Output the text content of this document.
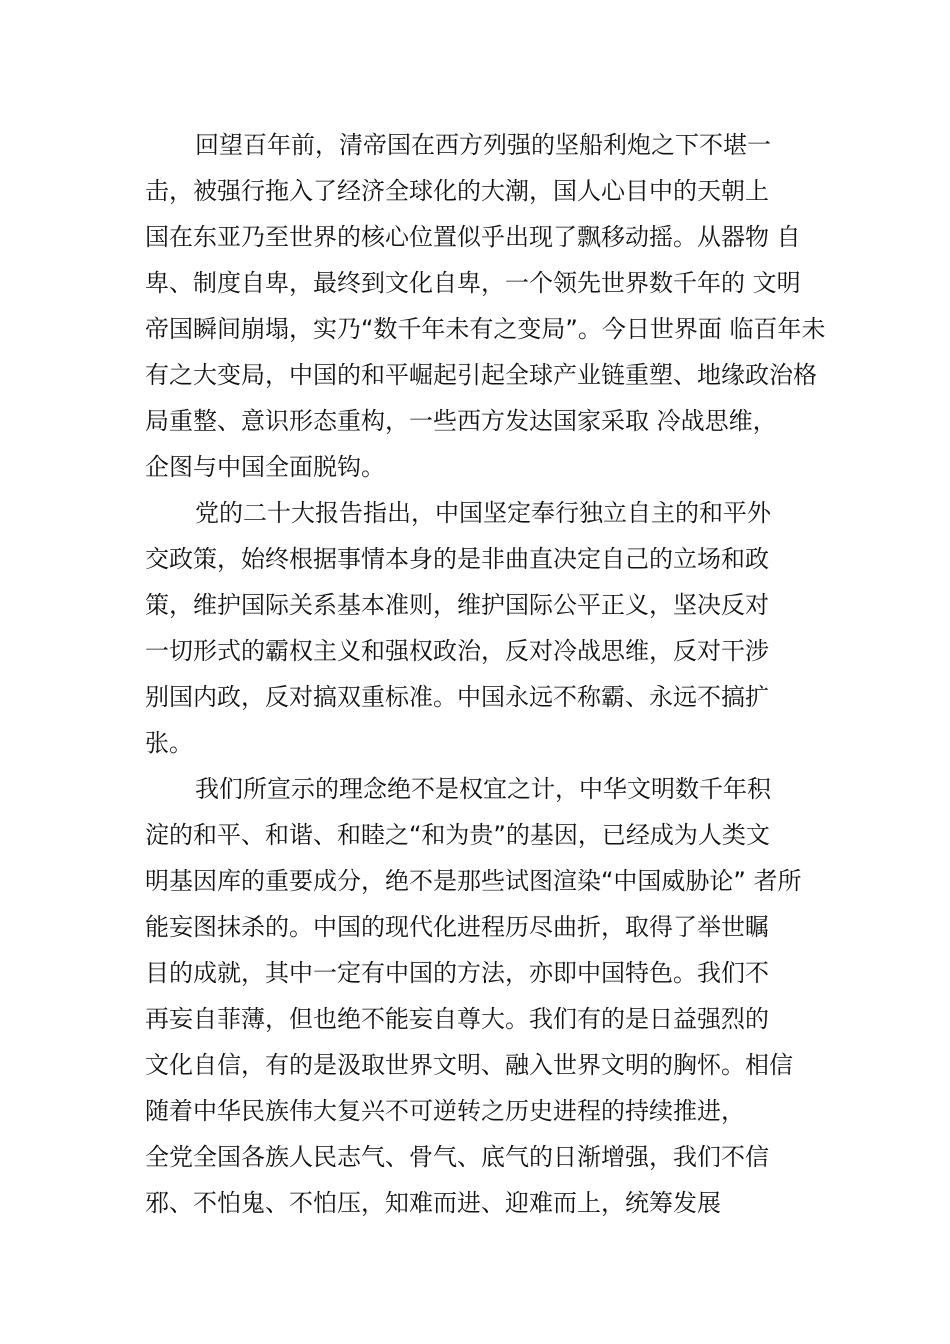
回望百年前，清帝国在西方列强的坚船利炮之下不堪一
击，被强行拖入了经济全球化的大潮，国人心目中的天朝上
国在东亚乃至世界的核心位置似乎出现了飘移动摇。从器物 自
卑、制度自卑，最终到文化自卑，一个领先世界数千年的 文明
帝国瞬间崩塌，实乃“数千年未有之变局”。今日世界面 临百年未
有之大变局，中国的和平崛起引起全球产业链重塑、地缘政治格
局重整、意识形态重构，一些西方发达国家采取 冷战思维，
企图与中国全面脱钩。
党的二十大报告指出，中国坚定奉行独立自主的和平外
交政策，始终根据事情本身的是非曲直决定自己的立场和政
策，维护国际关系基本准则，维护国际公平正义，坚决反对
一切形式的霸权主义和强权政治，反对冷战思维，反对干涉
别国内政，反对搞双重标准。中国永远不称霸、永远不搞扩
张。
我们所宣示的理念绝不是权宜之计，中华文明数千年积
淀的和平、和谐、和睦之“和为贵”的基因，已经成为人类文
明基因库的重要成分，绝不是那些试图渲染“中国威胁论” 者所
能妄图抹杀的。中国的现代化进程历尽曲折，取得了举世瞩
目的成就，其中一定有中国的方法，亦即中国特色。我们不
再妄自菲薄，但也绝不能妄自尊大。我们有的是日益强烈的
文化自信，有的是汲取世界文明、融入世界文明的胸怀。相信
随着中华民族伟大复兴不可逆转之历史进程的持续推进，
全党全国各族人民志气、骨气、底气的日渐增强，我们不信
邪、不怕鬼、不怕压，知难而进、迎难而上，统筹发展
